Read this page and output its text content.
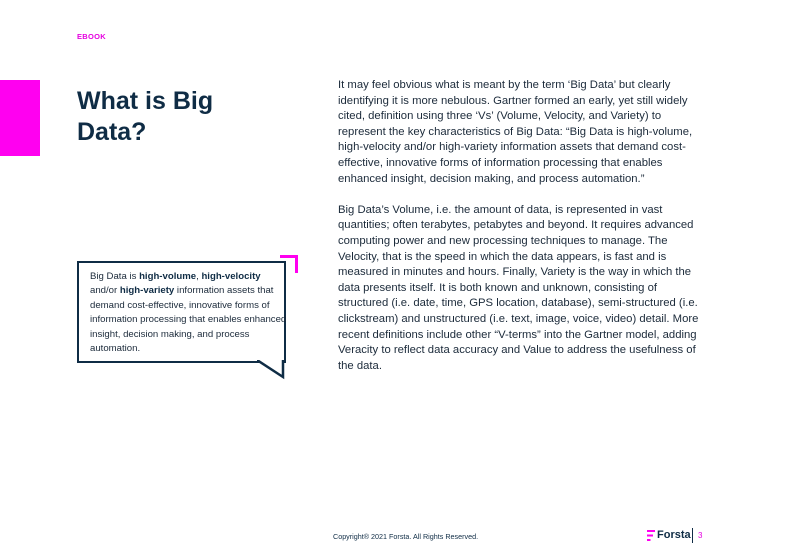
EBOOK
What is Big Data?

It may feel obvious what is meant by the term ‘Big Data’ but clearly identifying it is more nebulous. Gartner formed an early, yet still widely cited, definition using three ‘Vs’ (Volume, Velocity, and Variety) to represent the key characteristics of Big Data: “Big Data is high-volume, high-velocity and/or high-variety information assets that demand cost-effective, innovative forms of information processing that enables enhanced insight, decision making, and process automation.”

Big Data’s Volume, i.e. the amount of data, is represented in vast quantities; often terabytes, petabytes and beyond. It requires advanced computing power and new processing techniques to manage. The Velocity, that is the speed in which the data appears, is fast and is measured in minutes and hours. Finally, Variety is the way in which the data presents itself. It is both known and unknown, consisting of structured (i.e. date, time, GPS location, database), semi-structured (i.e. clickstream) and unstructured (i.e. text, image, voice, video) detail. More recent definitions include other “V-terms” into the Gartner model, adding Veracity to reflect data accuracy and Value to address the usefulness of the data.

Big Data is high-volume, high-velocity and/or high-variety information assets that demand cost-effective, innovative forms of information processing that enables enhanced insight, decision making, and process automation.
Copyright® 2021 Forsta. All Rights Reserved.	Forsta 3
